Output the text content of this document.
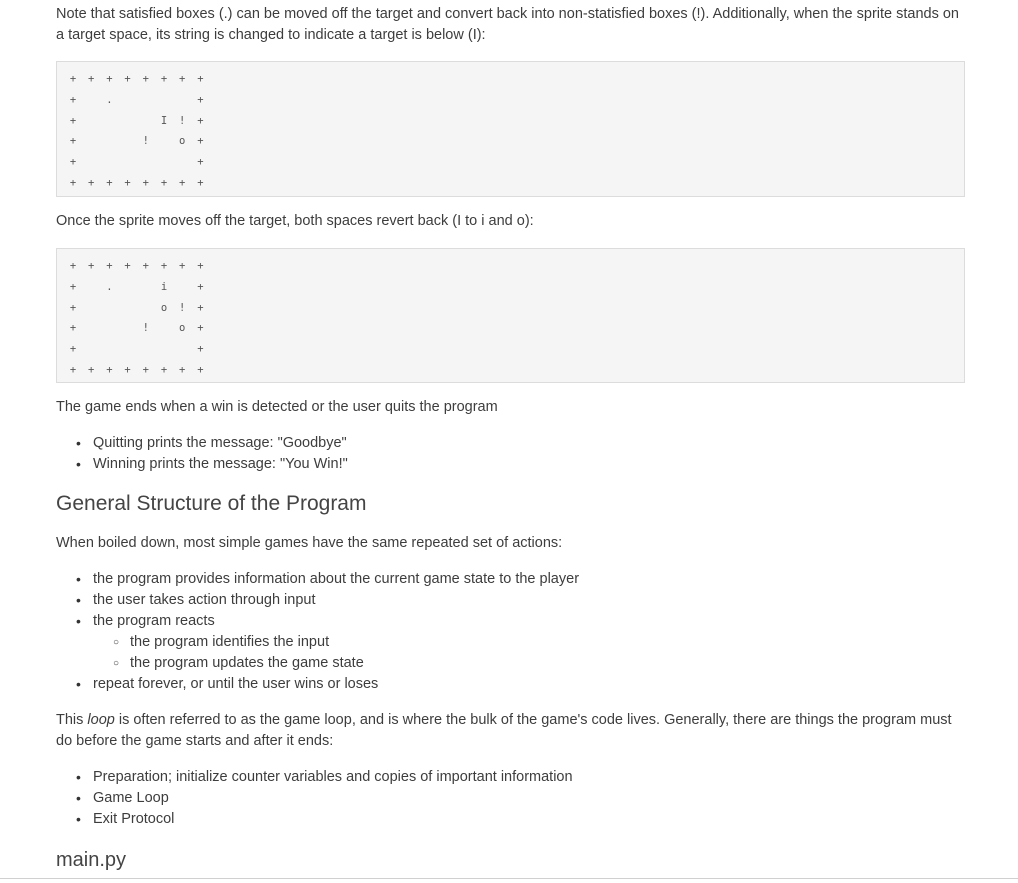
Note that satisfied boxes (.) can be moved off the target and convert back into non-statisfied boxes (!). Additionally, when the sprite stands on a target space, its string is changed to indicate a target is below (I):

+	+	+	+	+	+	+	+
+	.	+
+	I	!	+
+	!	o	+
+	+
+	+	+	+	+	+	+	+

Once the sprite moves off the target, both spaces revert back (I to i and o):

+	+	+	+	+	+	+	+
+	.	i	+
+	o	!	+
+	!	o	+
+	+
+	+	+	+	+	+	+	+

The game ends when a win is detected or the user quits the program

• Quitting prints the message: "Goodbye"
• Winning prints the message: "You Win!"
General Structure of the Program

When boiled down, most simple games have the same repeated set of actions:

• the program provides information about the current game state to the player
• the user takes action through input
• the program reacts
○ the program identifies the input
○ the program updates the game state
• repeat forever, or until the user wins or loses

This loop is often referred to as the game loop, and is where the bulk of the game's code lives. Generally, there are things the program must do before the game starts and after it ends:

• Preparation; initialize counter variables and copies of important information
• Game Loop
• Exit Protocol
main.py
